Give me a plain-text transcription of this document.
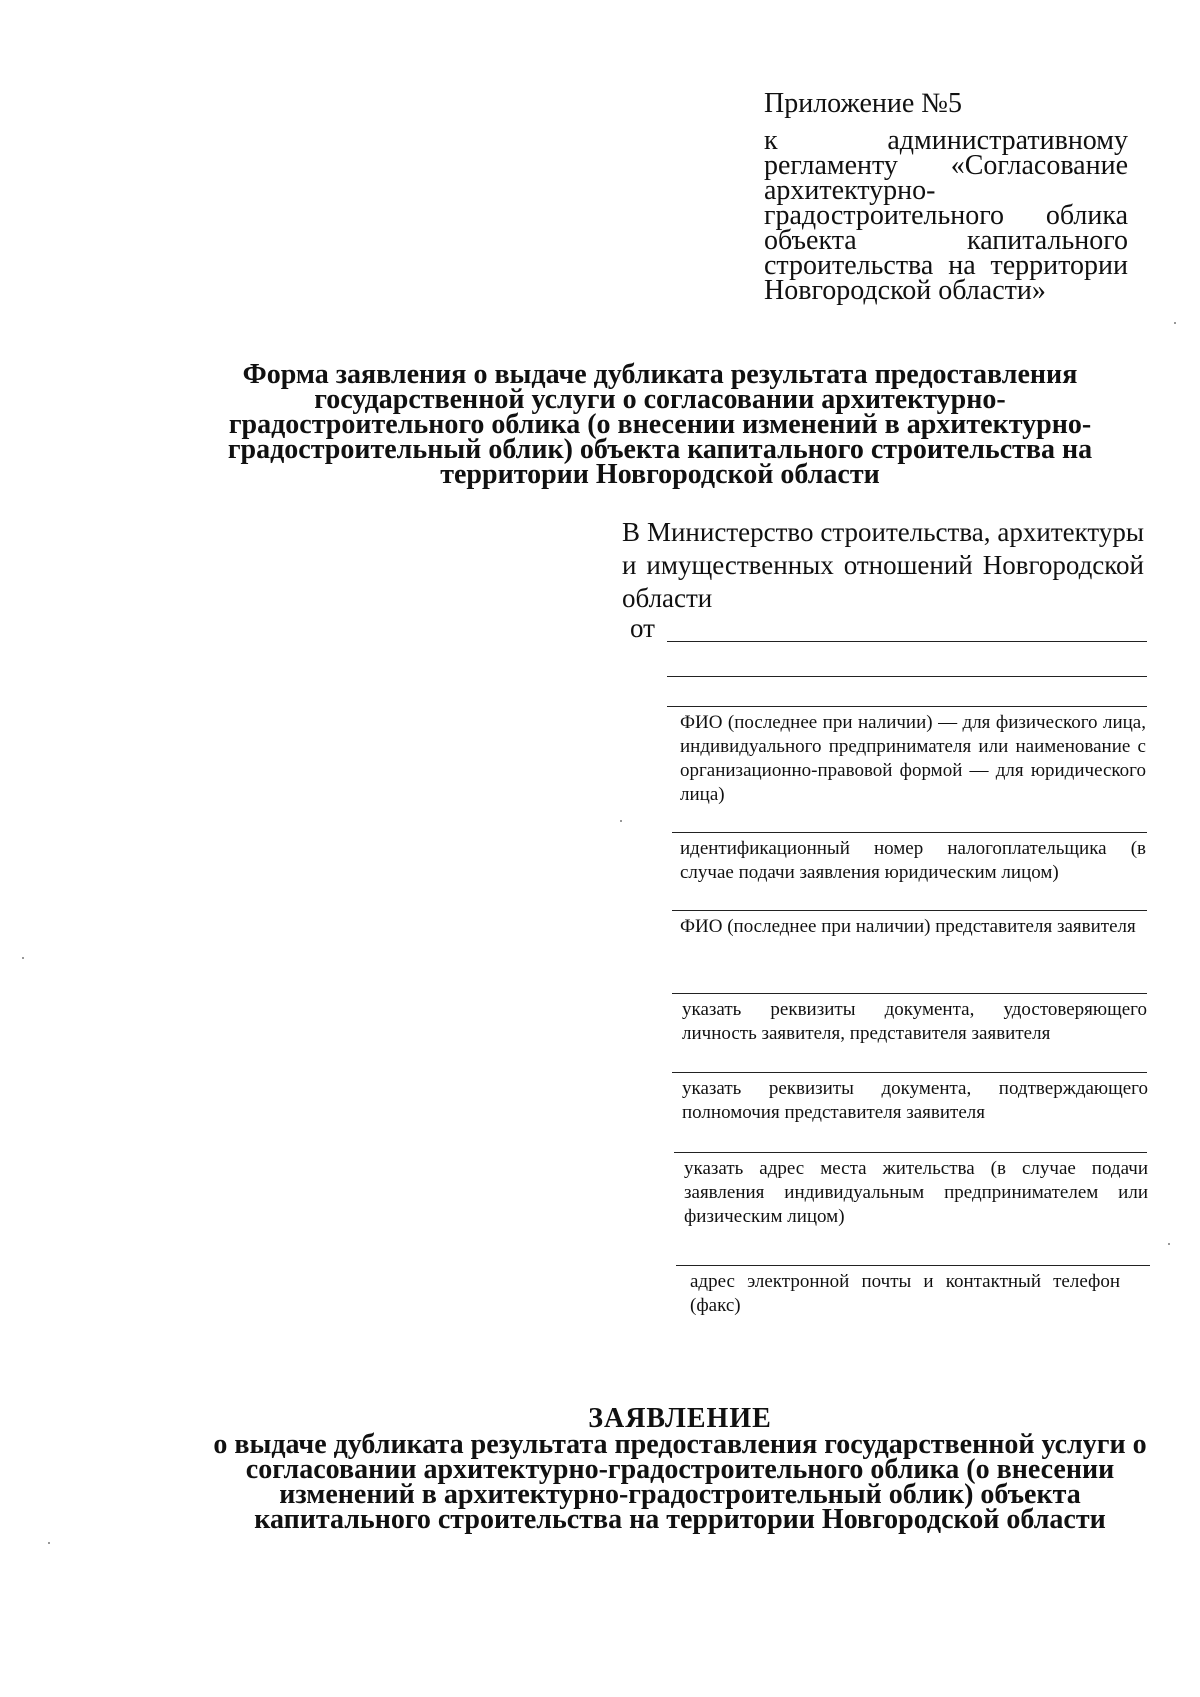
Приложение №5
к административному регламенту «Согласование архитектурно-градостроительного облика объекта капитального строительства на территории Новгородской области»
Форма заявления о выдаче дубликата результата предоставления государственной услуги о согласовании архитектурно-градостроительного облика (о внесении изменений в архитектурно-градостроительный облик) объекта капитального строительства на территории Новгородской области
В Министерство строительства, архитектуры и имущественных отношений Новгородской области
от
ФИО (последнее при наличии) — для физического лица, индивидуального предпринимателя или наименование с организационно-правовой формой — для юридического лица)
идентификационный номер налогоплательщика (в случае подачи заявления юридическим лицом)
ФИО (последнее при наличии) представителя заявителя
указать реквизиты документа, удостоверяющего личность заявителя, представителя заявителя
указать реквизиты документа, подтверждающего полномочия представителя заявителя
указать адрес места жительства (в случае подачи заявления индивидуальным предпринимателем или физическим лицом)
адрес электронной почты и контактный телефон (факс)
ЗАЯВЛЕНИЕ
о выдаче дубликата результата предоставления государственной услуги о согласовании архитектурно-градостроительного облика (о внесении изменений в архитектурно-градостроительный облик) объекта капитального строительства на территории Новгородской области
